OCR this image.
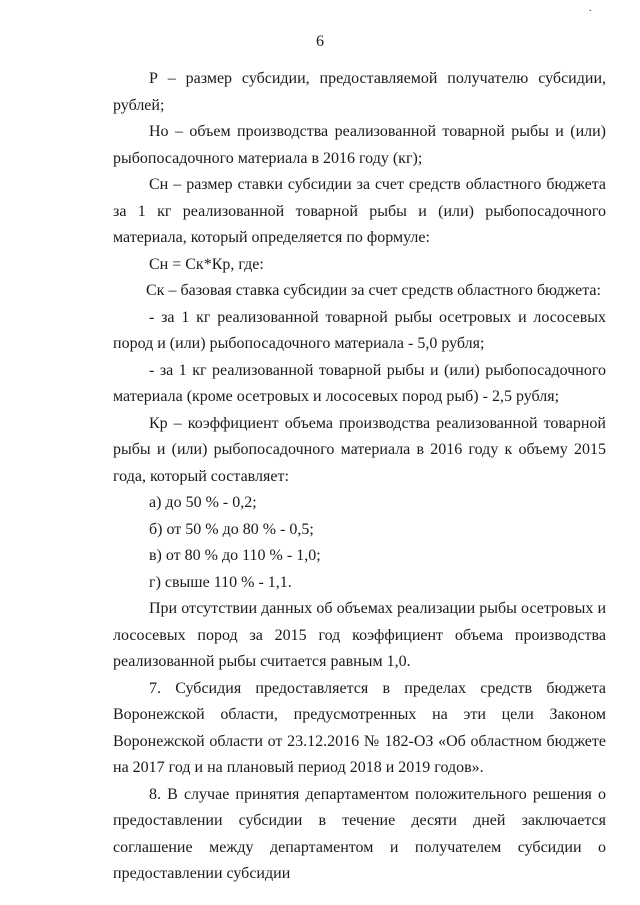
.
6

Р – размер субсидии, предоставляемой получателю субсидии, рублей;

Но – объем производства реализованной товарной рыбы и (или) рыбопосадочного материала в 2016 году (кг);

Сн – размер ставки субсидии за счет средств областного бюджета за 1 кг реализованной товарной рыбы и (или) рыбопосадочного материала, который определяется по формуле:

Сн = Ск*Кр, где:

Ск – базовая ставка субсидии за счет средств областного бюджета:

- за 1 кг реализованной товарной рыбы осетровых и лососевых пород и (или) рыбопосадочного материала - 5,0 рубля;

- за 1 кг реализованной товарной рыбы и (или) рыбопосадочного материала (кроме осетровых и лососевых пород рыб) - 2,5 рубля;

Кр – коэффициент объема производства реализованной товарной рыбы и (или) рыбопосадочного материала в 2016 году к объему 2015 года, который составляет:

а) до 50 % - 0,2;

б) от 50 % до 80 % - 0,5;

в) от 80 % до 110 % - 1,0;

г) свыше 110 % - 1,1.

При отсутствии данных об объемах реализации рыбы осетровых и лососевых пород за 2015 год коэффициент объема производства реализованной рыбы считается равным 1,0.

7. Субсидия предоставляется в пределах средств бюджета Воронежской области, предусмотренных на эти цели Законом Воронежской области от 23.12.2016 № 182-ОЗ «Об областном бюджете на 2017 год и на плановый период 2018 и 2019 годов».

8. В случае принятия департаментом положительного решения о предоставлении субсидии в течение десяти дней заключается соглашение между департаментом и получателем субсидии о предоставлении субсидии
